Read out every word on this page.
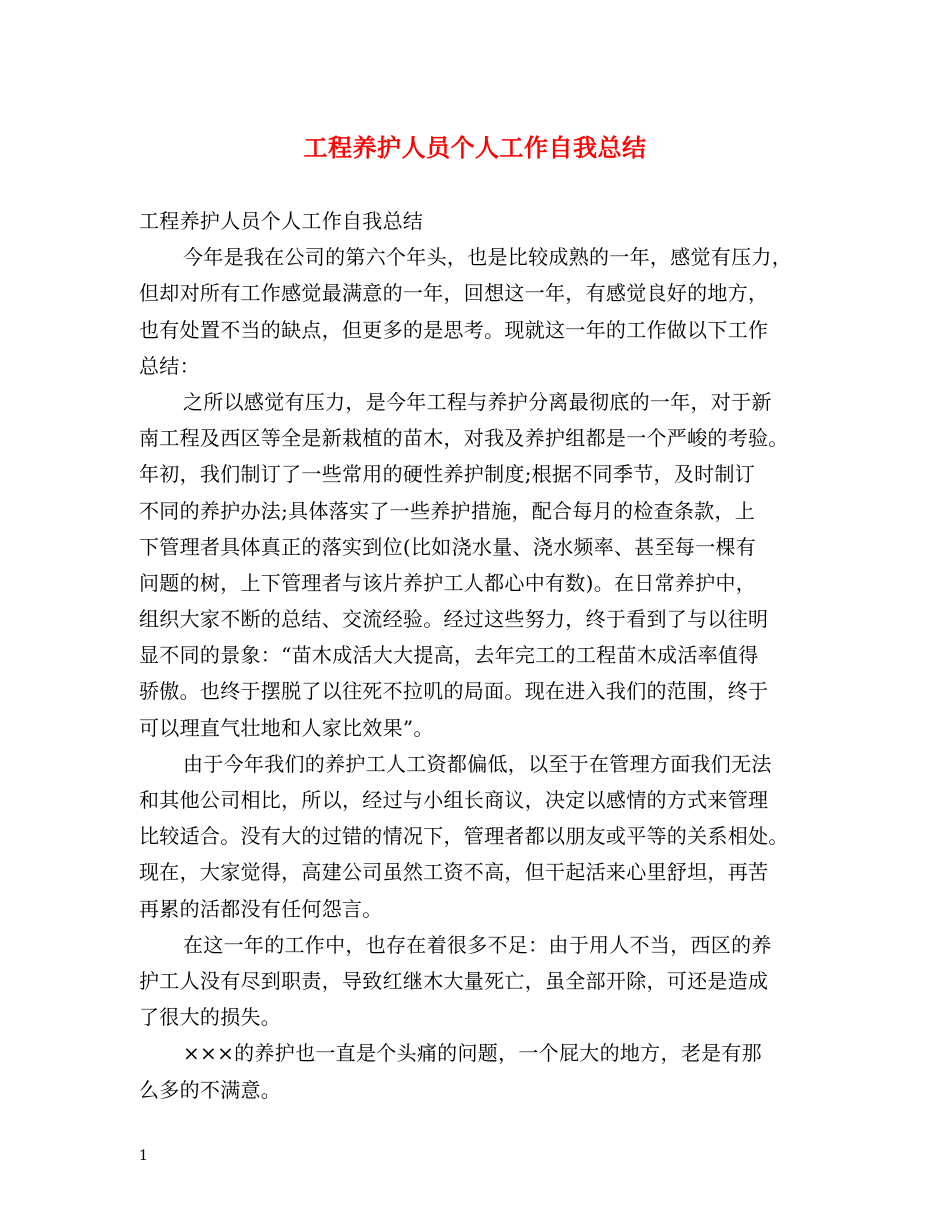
工程养护人员个人工作自我总结
工程养护人员个人工作自我总结
今年是我在公司的第六个年头，也是比较成熟的一年，感觉有压力，
但却对所有工作感觉最满意的一年，回想这一年，有感觉良好的地方，
也有处置不当的缺点，但更多的是思考。现就这一年的工作做以下工作
总结：
之所以感觉有压力，是今年工程与养护分离最彻底的一年，对于新
南工程及西区等全是新栽植的苗木，对我及养护组都是一个严峻的考验。
年初，我们制订了一些常用的硬性养护制度;根据不同季节，及时制订
不同的养护办法;具体落实了一些养护措施，配合每月的检查条款，上
下管理者具体真正的落实到位(比如浇水量、浇水频率、甚至每一棵有
问题的树，上下管理者与该片养护工人都心中有数)。在日常养护中，
组织大家不断的总结、交流经验。经过这些努力，终于看到了与以往明
显不同的景象：“苗木成活大大提高，去年完工的工程苗木成活率值得
骄傲。也终于摆脱了以往死不拉叽的局面。现在进入我们的范围，终于
可以理直气壮地和人家比效果”。
由于今年我们的养护工人工资都偏低，以至于在管理方面我们无法
和其他公司相比，所以，经过与小组长商议，决定以感情的方式来管理
比较适合。没有大的过错的情况下，管理者都以朋友或平等的关系相处。
现在，大家觉得，高建公司虽然工资不高，但干起活来心里舒坦，再苦
再累的活都没有任何怨言。
在这一年的工作中，也存在着很多不足：由于用人不当，西区的养
护工人没有尽到职责，导致红继木大量死亡，虽全部开除，可还是造成
了很大的损失。
×××的养护也一直是个头痛的问题，一个屁大的地方，老是有那
么多的不满意。
1
